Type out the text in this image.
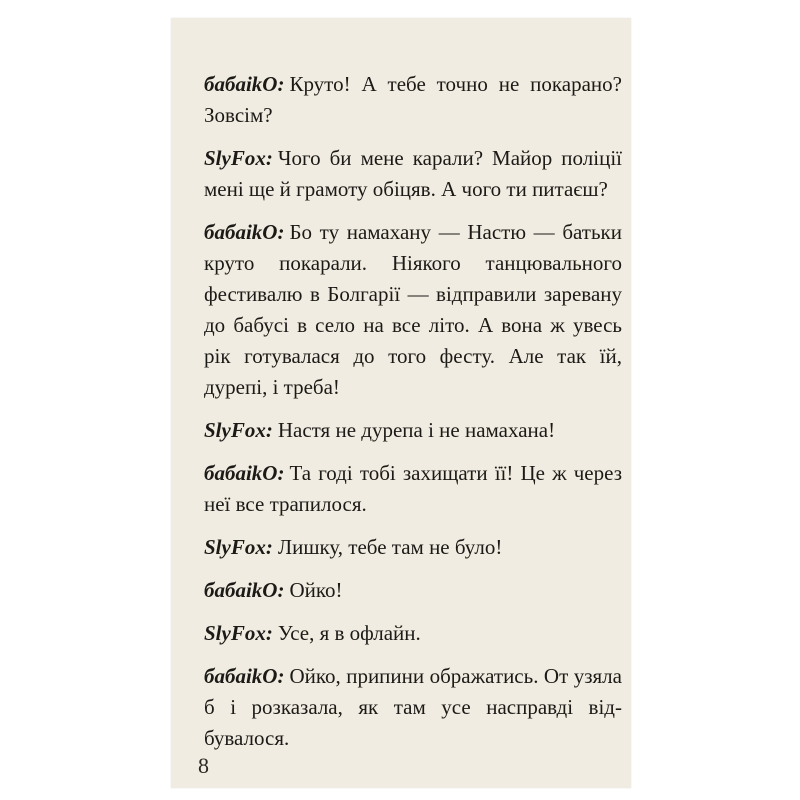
бабаikO: Круто! А тебе точно не покарано? Зовсім?

SlyFox: Чого би мене карали? Майор поліції мені ще й грамоту обіцяв. А чого ти питаєш?

бабаikO: Бо ту намахану — Настю — батьки круто покарали. Ніякого танцювального фестивалю в Болгарії — відправили заревану до бабусі в село на все літо. А вона ж увесь рік готувалася до того фесту. Але так їй, дурепі, і треба!

SlyFox: Настя не дурепа і не намахана!

бабаikO: Та годі тобі захищати її! Це ж через неї все трапилося.

SlyFox: Лишку, тебе там не було!

бабаikO: Ойко!

SlyFox: Усе, я в офлайн.

бабаikO: Ойко, припини ображатись. От узяла б і розказала, як там усе насправді відбувалося.

8
